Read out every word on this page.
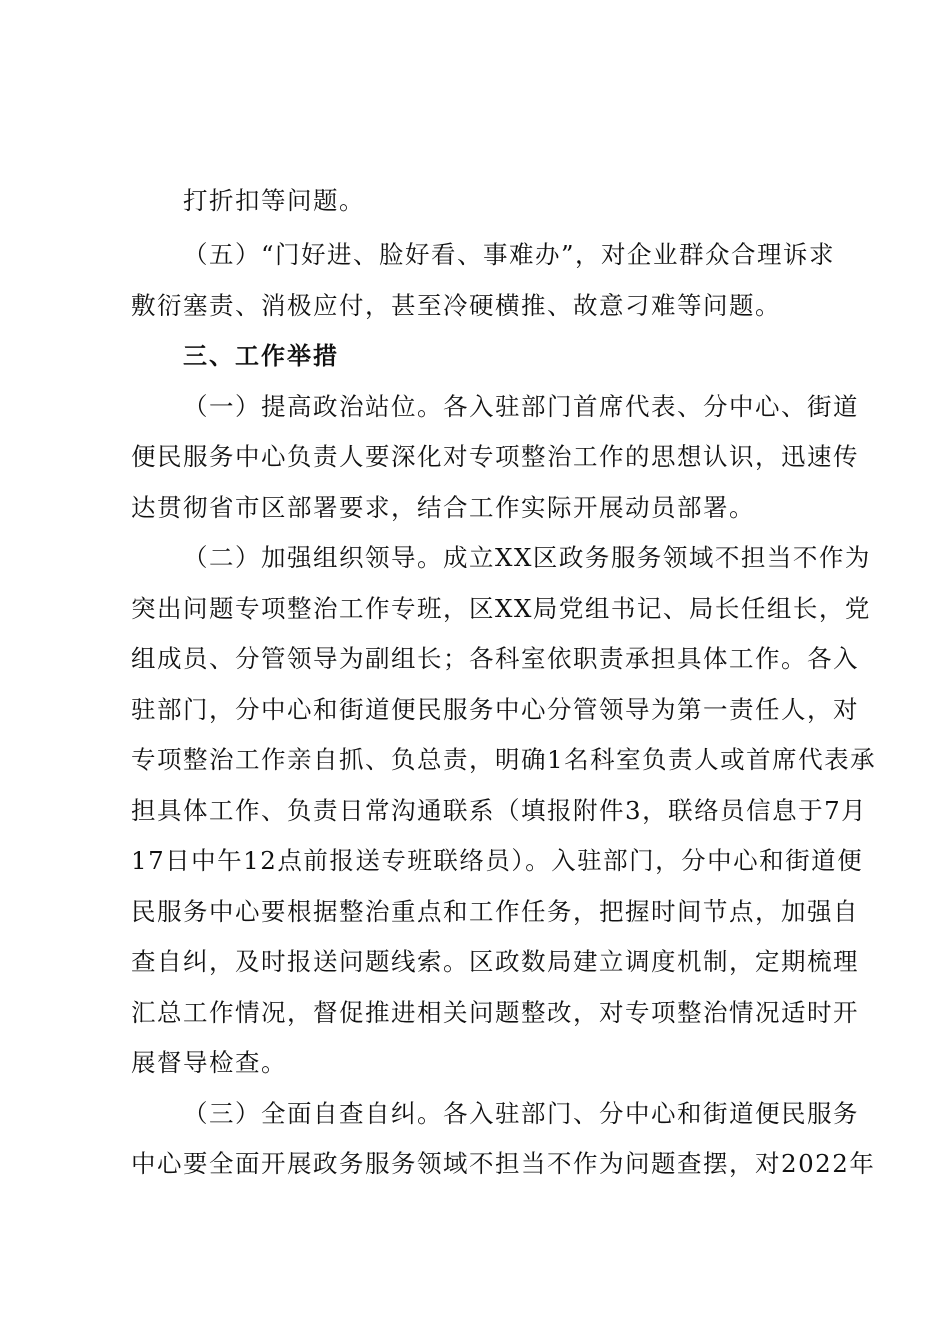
打折扣等问题。
（五）“门好进、脸好看、事难办”，对企业群众合理诉求
敷衍塞责、消极应付，甚至冷硬横推、故意刁难等问题。
三、工作举措
（一）提高政治站位。各入驻部门首席代表、分中心、街道
便民服务中心负责人要深化对专项整治工作的思想认识，迅速传
达贯彻省市区部署要求，结合工作实际开展动员部署。
（二）加强组织领导。成立XX区政务服务领域不担当不作为
突出问题专项整治工作专班，区XX局党组书记、局长任组长，党
组成员、分管领导为副组长；各科室依职责承担具体工作。各入
驻部门，分中心和街道便民服务中心分管领导为第一责任人，对
专项整治工作亲自抓、负总责，明确1名科室负责人或首席代表承
担具体工作、负责日常沟通联系（填报附件3，联络员信息于7月
17日中午12点前报送专班联络员）。入驻部门，分中心和街道便
民服务中心要根据整治重点和工作任务，把握时间节点，加强自
查自纠，及时报送问题线索。区政数局建立调度机制，定期梳理
汇总工作情况，督促推进相关问题整改，对专项整治情况适时开
展督导检查。
（三）全面自查自纠。各入驻部门、分中心和街道便民服务
中心要全面开展政务服务领域不担当不作为问题查摆，对2022年
